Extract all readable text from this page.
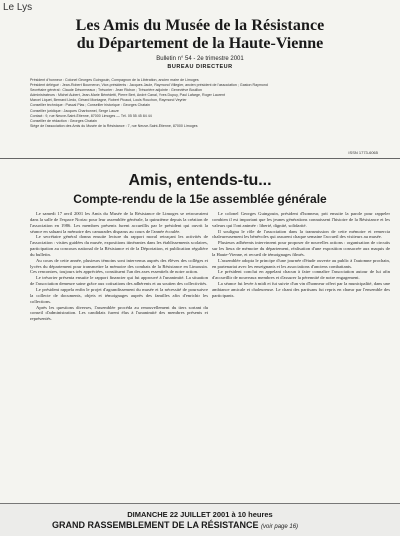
Le Lys
Les Amis du Musée de la Résistance
du Département de la Haute-Vienne
Bulletin n° 54 - 2e trimestre 2001
BUREAU DIRECTEUR
Président d'honneur : Colonel Georges Guingouin, Compagnon de la Libération, ancien maire de Limoges
Président délégué : Jean-Robert Bourneron, Vice-présidents : Jacques Jaule, Raymond Villegier, ancien président de l'association ; Gaston Raymond
Secrétaire général : Claude Désormeaux ; Trésorier : Jean Richon ; Trésorière adjointe : Geneviève Bouillon
Administrateurs : Michel Aubert, Jean-Marie Bénédetti, Pierre Bert, André Canal, Yves Dupuy, Paul Lafarge, Roger Laurent
Marcel Liquet, Bernard Lledo, Gérard Montagne, Robert Picaud, Louis Rouchon, Raymond Veyrier
Conseiller technique : Pascal Plas ; Conseiller historique : Georges Chatain
Conseiller juridique : Jacques Charbonnel, Serge Lauze
Contact : 9, rue Neuve-Saint-Étienne, 87000 Limoges — Tél. 05 55 45 84 44
Conseiller de rédaction : Georges Chatain
Siège de l'association des Amis du Musée de la Résistance : 7, rue Neuve-Saint-Étienne, 87000 Limoges
ISSN 1773-6065
Amis, entends-tu...
Compte-rendu de la 15e assemblée générale

Le samedi 17 avril 2001 les Amis du Musée de la Résistance de Limoges se retrouvaient dans la salle de l'espace Noriac pour leur assemblée générale, la quinzième depuis la création de l'association en 1986. Les membres présents furent accueillis par le président qui ouvrit la séance en saluant la mémoire des camarades disparus au cours de l'année écoulée.

Le secrétaire général donna ensuite lecture du rapport moral retraçant les activités de l'association : visites guidées du musée, expositions itinérantes dans les établissements scolaires, participation au concours national de la Résistance et de la Déportation, et publication régulière du bulletin.

Au cours de cette année, plusieurs témoins sont intervenus auprès des élèves des collèges et lycées du département pour transmettre la mémoire des combats de la Résistance en Limousin. Ces rencontres, toujours très appréciées, constituent l'un des axes essentiels de notre action.

Le trésorier présenta ensuite le rapport financier qui fut approuvé à l'unanimité. La situation de l'association demeure saine grâce aux cotisations des adhérents et au soutien des collectivités.

Le président rappela enfin le projet d'agrandissement du musée et la nécessité de poursuivre la collecte de documents, objets et témoignages auprès des familles afin d'enrichir les collections.

Après les questions diverses, l'assemblée procéda au renouvellement du tiers sortant du conseil d'administration. Les candidats furent élus à l'unanimité des membres présents et représentés.

Le colonel Georges Guingouin, président d'honneur, prit ensuite la parole pour rappeler combien il est important que les jeunes générations connaissent l'histoire de la Résistance et les valeurs qui l'ont animée : liberté, dignité, solidarité.

Il souligna le rôle de l'association dans la transmission de cette mémoire et remercia chaleureusement les bénévoles qui assurent chaque semaine l'accueil des visiteurs au musée.

Plusieurs adhérents intervinrent pour proposer de nouvelles actions : organisation de circuits sur les lieux de mémoire du département, réalisation d'une exposition consacrée aux maquis de la Haute-Vienne, et recueil de témoignages filmés.

L'assemblée adopta le principe d'une journée d'étude ouverte au public à l'automne prochain, en partenariat avec les enseignants et les associations d'anciens combattants.

Le président conclut en appelant chacun à faire connaître l'association autour de lui afin d'accueillir de nouveaux membres et d'assurer la pérennité de notre engagement.

La séance fut levée à midi et fut suivie d'un vin d'honneur offert par la municipalité, dans une ambiance amicale et chaleureuse. Le chant des partisans fut repris en chœur par l'ensemble des participants.

DIMANCHE 22 JUILLET 2001 à 10 heures
GRAND RASSEMBLEMENT DE LA RÉSISTANCE (voir page 16)
